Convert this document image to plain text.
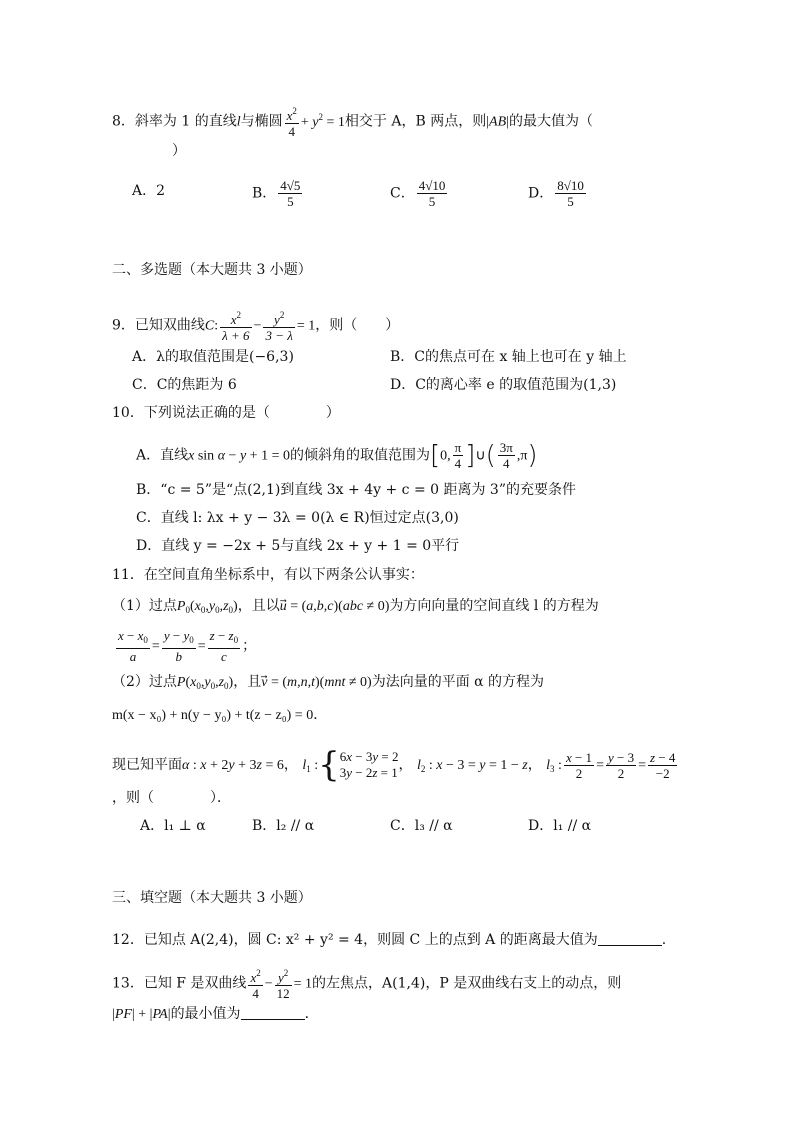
8．斜率为 1 的直线l与椭圆 $\frac{x^2}{4} + y^2 = 1$相交于 A，B 两点，则|AB|的最大值为（
）
A．2	B． $\frac{4√5}{5}$	C． $\frac{4√10}{5}$	D． $\frac{8√10}{5}$
二、多选题（本大题共 3 小题）
9．已知双曲线C: $\frac{x^2}{\lambda + 6} - \frac{y^2}{3 - \lambda} = 1$，则（　　）
A．λ的取值范围是(−6,3)	B．C的焦点可在 x 轴上也可在 y 轴上
C．C的焦距为 6	D．C的离心率 e 的取值范围为(1,3)
10．下列说法正确的是（　　　　）
A．直线x sin α − y + 1 = 0的倾斜角的取值范围为[0, $\frac{\pi}{4}$ ]∪( $\frac{3\pi}{4} ,\pi$)
B．“c = 5”是“点(2,1)到直线 3x + 4y + c = 0 距离为 3”的充要条件
C．直线 l: λx + y − 3λ = 0(λ ∈ R)恒过定点(3,0)
D．直线 y = −2x + 5与直线 2x + y + 1 = 0平行
11．在空间直角坐标系中，有以下两条公认事实：
（1）过点$P_0(x_0,y_0,z_0)$，且以u⃗ = (a,b,c)(abc ≠ 0)为方向向量的空间直线 l 的方程为
$\frac{x - x_0}{a} = \frac{y - y_0}{b} = \frac{z - z_0}{c}$ ；
（2）过点$P(x_0,y_0,z_0)$，且v⃗ = (m,n,t)(mnt ≠ 0)为法向量的平面 α 的方程为
m(x − x₀) + n(y − y₀) + t(z − z₀) = 0．
现已知平面α : x + 2y + 3z = 6， $l_1$ :{ 6x − 3y = 2
3y − 2z = 1 ， $l_2$ : x − 3 = y = 1 − z， $l_3$ : $\frac{x - 1}{2} = \frac{y - 3}{2} = \frac{z - 4}{-2}$
，则（　　　　）．
A．l₁ ⊥ α	B．l₂ // α	C．l₃ // α	D．l₁ // α
三、填空题（本大题共 3 小题）
12．已知点 A(2,4)，圆 C: x² + y² = 4，则圆 C 上的点到 A 的距离最大值为	.
13．已知 F 是双曲线 $\frac{x^2}{4} - \frac{y^2}{12} = 1$的左焦点，A(1,4)，P 是双曲线右支上的动点，则
|PF| + |PA|的最小值为	．
